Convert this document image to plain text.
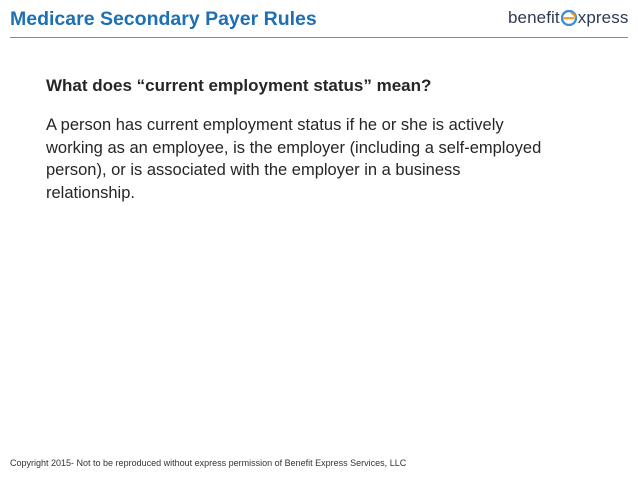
Medicare Secondary Payer Rules	benefit xpress
What does “current employment status” mean?

A person has current employment status if he or she is actively
working as an employee, is the employer (including a self-employed
person), or is associated with the employer in a business
relationship.

Copyright 2015- Not to be reproduced without express permission of Benefit Express Services, LLC
